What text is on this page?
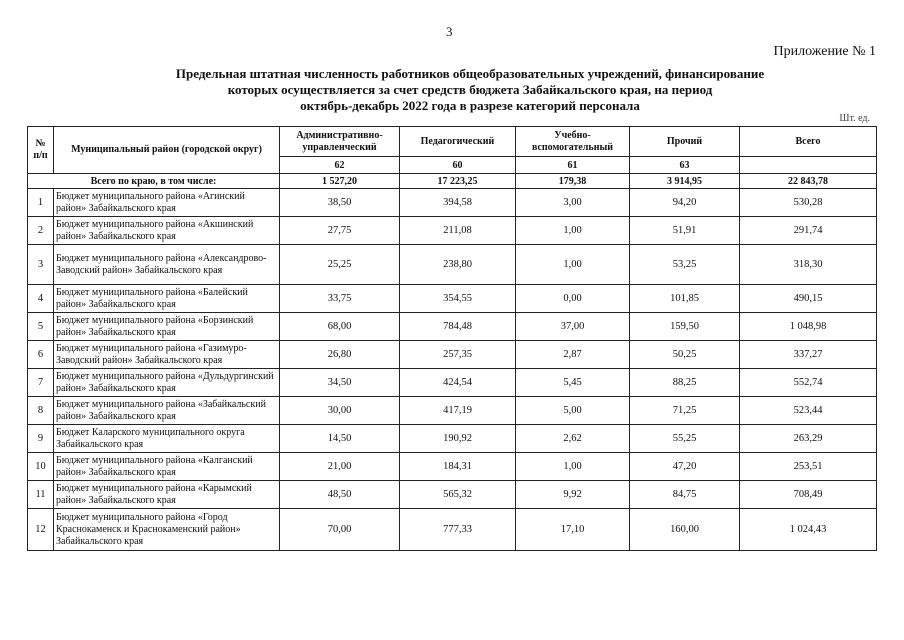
3
Приложение № 1
Предельная штатная численность работников общеобразовательных учреждений, финансирование
которых осуществляется за счет средств бюджета Забайкальского края, на период
октябрь-декабрь 2022 года в разрезе категорий персонала
Шт. ед.
№ п/п	Муниципальный район (городской округ)	Административно-управленческий	Педагогический	Учебно-вспомогательный	Прочий	Всего
		62	60	61	63	
Всего по краю, в том числе:		1 527,20	17 223,25	179,38	3 914,95	22 843,78
1	Бюджет муниципального района «Агинский район» Забайкальского края	38,50	394,58	3,00	94,20	530,28
2	Бюджет муниципального района «Акшинский район» Забайкальского края	27,75	211,08	1,00	51,91	291,74
3	Бюджет муниципального района «Александрово-Заводский район» Забайкальского края	25,25	238,80	1,00	53,25	318,30
4	Бюджет муниципального района «Балейский район» Забайкальского края	33,75	354,55	0,00	101,85	490,15
5	Бюджет муниципального района «Борзинский район» Забайкальского края	68,00	784,48	37,00	159,50	1 048,98
6	Бюджет муниципального района «Газимуро-Заводский район» Забайкальского края	26,80	257,35	2,87	50,25	337,27
7	Бюджет муниципального района «Дульдургинский район» Забайкальского края	34,50	424,54	5,45	88,25	552,74
8	Бюджет муниципального района «Забайкальский район» Забайкальского края	30,00	417,19	5,00	71,25	523,44
9	Бюджет Каларского муниципального округа Забайкальского края	14,50	190,92	2,62	55,25	263,29
10	Бюджет муниципального района «Калганский район» Забайкальского края	21,00	184,31	1,00	47,20	253,51
11	Бюджет муниципального района «Карымский район» Забайкальского края	48,50	565,32	9,92	84,75	708,49
12	Бюджет муниципального района «Город Краснокаменск и Краснокаменский район» Забайкальского края	70,00	777,33	17,10	160,00	1 024,43
